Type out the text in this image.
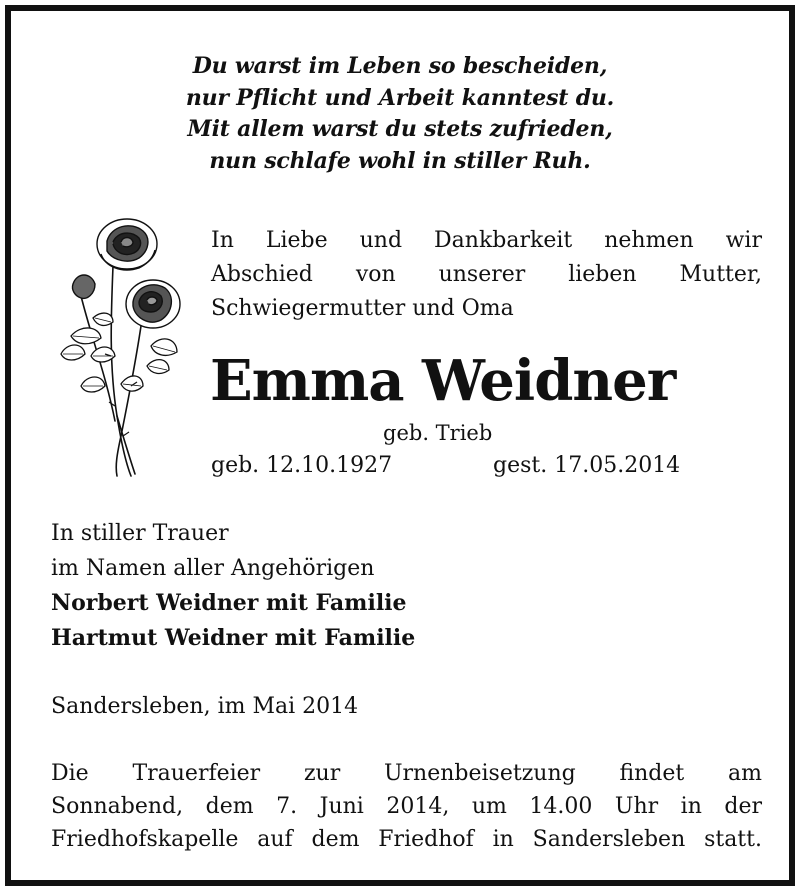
Du warst im Leben so bescheiden,
nur Pflicht und Arbeit kanntest du.
Mit allem warst du stets zufrieden,
nun schlafe wohl in stiller Ruh.
In Liebe und Dankbarkeit nehmen wir
Abschied von unserer lieben Mutter,
Schwiegermutter und Oma
Emma Weidner
geb. Trieb
geb. 12.10.1927	gest. 17.05.2014
In stiller Trauer
im Namen aller Angehörigen
Norbert Weidner mit Familie
Hartmut Weidner mit Familie
Sandersleben, im Mai 2014
Die Trauerfeier zur Urnenbeisetzung findet am
Sonnabend, dem 7. Juni 2014, um 14.00 Uhr in der
Friedhofskapelle auf dem Friedhof in Sandersleben statt.
